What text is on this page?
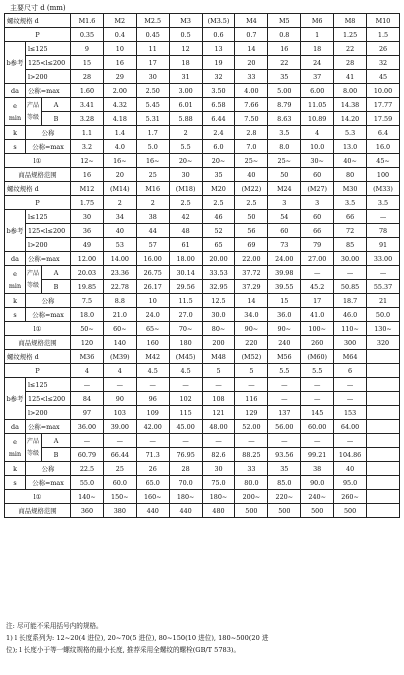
主要尺寸 d (mm)
螺纹规格 d			M1.6	M2	M2.5	M3	(M3.5)	M4	M5	M6	M8	M10
P			0.35	0.4	0.45	0.5	0.6	0.7	0.8	1	1.25	1.5
b参考	l≤125		9	10	11	12	13	14	16	18	22	26
	125<l≤200		15	16	17	18	19	20	22	24	28	32
	l>200		28	29	30	31	32	33	35	37	41	45
da	公称=max		1.60	2.00	2.50	3.00	3.50	4.00	5.00	6.00	8.00	10.00

e
min	产品等级	A	3.41	4.32	5.45	6.01	6.58	7.66	8.79	11.05	14.38	17.77
		B	3.28	4.18	5.31	5.88	6.44	7.50	8.63	10.89	14.20	17.59
k	公称		1.1	1.4	1.7	2	2.4	2.8	3.5	4	5.3	6.4
s	公称=max		3.2	4.0	5.0	5.5	6.0	7.0	8.0	10.0	13.0	16.0
l①			12~	16~	16~	20~	20~	25~	25~	30~	40~	45~
商品规格范围			16	20	25	30	35	40	50	60	80	100
螺纹规格 d			M12	(M14)	M16	(M18)	M20	(M22)	M24	(M27)	M30	(M33)
P			1.75	2	2	2.5	2.5	2.5	3	3	3.5	3.5
b参考	l≤125		30	34	38	42	46	50	54	60	66	—
	125<l≤200		36	40	44	48	52	56	60	66	72	78
	l>200		49	53	57	61	65	69	73	79	85	91
da	公称=max		12.00	14.00	16.00	18.00	20.00	22.00	24.00	27.00	30.00	33.00

e
min	产品等级	A	20.03	23.36	26.75	30.14	33.53	37.72	39.98	—	—	—
		B	19.85	22.78	26.17	29.56	32.95	37.29	39.55	45.2	50.85	55.37
k	公称		7.5	8.8	10	11.5	12.5	14	15	17	18.7	21
s	公称=max		18.0	21.0	24.0	27.0	30.0	34.0	36.0	41.0	46.0	50.0
l①			50~	60~	65~	70~	80~	90~	90~	100~	110~	130~
商品规格范围			120	140	160	180	200	220	240	260	300	320
螺纹规格 d			M36	(M39)	M42	(M45)	M48	(M52)	M56	(M60)	M64	
P			4	4	4.5	4.5	5	5	5.5	5.5	6	
b参考	l≤125		—	—	—	—	—	—	—	—	—	
	125<l≤200		84	90	96	102	108	116	—	—	—	
	l>200		97	103	109	115	121	129	137	145	153	
da	公称=max		36.00	39.00	42.00	45.00	48.00	52.00	56.00	60.00	64.00	

e
min	产品等级	A	—	—	—	—	—	—	—	—	—	
		B	60.79	66.44	71.3	76.95	82.6	88.25	93.56	99.21	104.86	
k	公称		22.5	25	26	28	30	33	35	38	40	
s	公称=max		55.0	60.0	65.0	70.0	75.0	80.0	85.0	90.0	95.0	
l①			140~	150~	160~	180~	180~	200~	220~	240~	260~	
商品规格范围			360	380	440	440	480	500	500	500	500	
注: 尽可能不采用括号内的规格。
1) l 长度系列为: 12~20(4 进位), 20~70(5 进位), 80~150(10 进位), 180~500(20 进
位); l 长度小于等一螺纹规格的最小长度, 推荐采用全螺纹的螺栓(GB/T 5783)。
